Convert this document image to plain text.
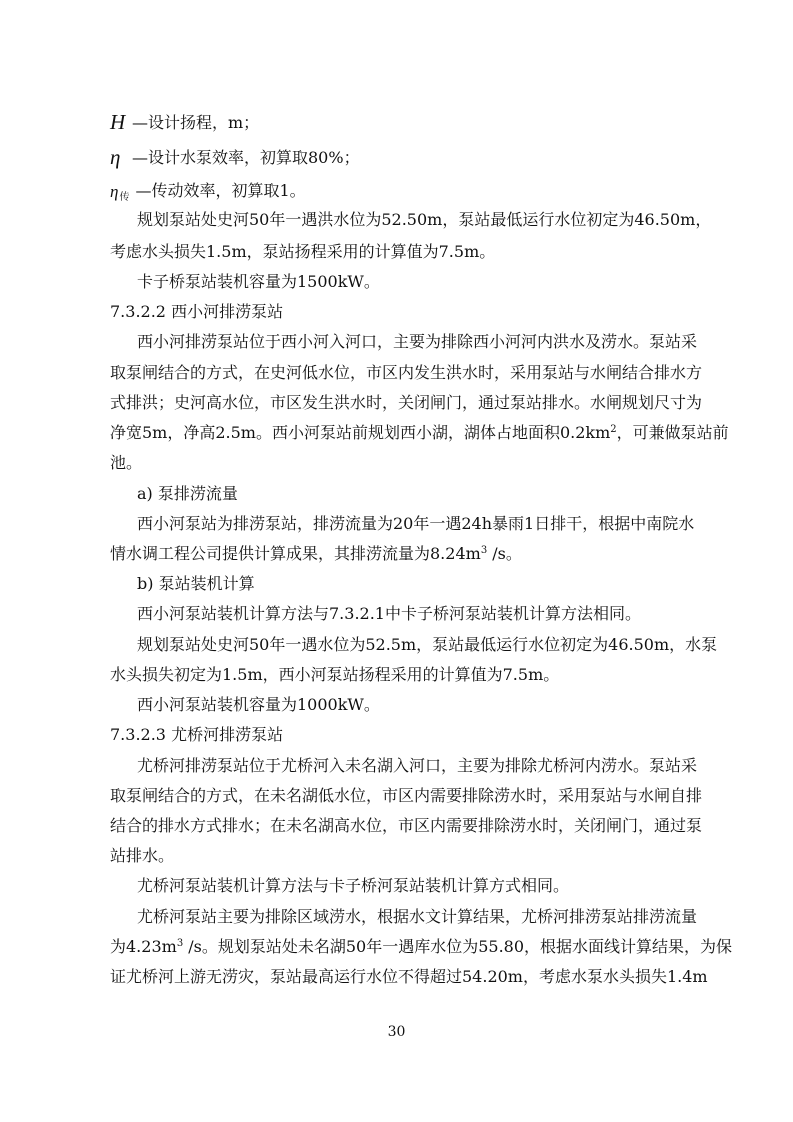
H —设计扬程，m；
η —设计水泵效率，初算取80%；
$\eta_传$ —传动效率，初算取1。
规划泵站处史河50年一遇洪水位为52.50m，泵站最低运行水位初定为46.50m，
考虑水头损失1.5m，泵站扬程采用的计算值为7.5m。
卡子桥泵站装机容量为1500kW。
7.3.2.2 西小河排涝泵站
西小河排涝泵站位于西小河入河口，主要为排除西小河河内洪水及涝水。泵站采
取泵闸结合的方式，在史河低水位，市区内发生洪水时，采用泵站与水闸结合排水方
式排洪；史河高水位，市区发生洪水时，关闭闸门，通过泵站排水。水闸规划尺寸为
净宽5m，净高2.5m。西小河泵站前规划西小湖，湖体占地面积$0.2km^2$，可兼做泵站前
池。
a) 泵排涝流量
西小河泵站为排涝泵站，排涝流量为20年一遇24h暴雨1日排干，根据中南院水
情水调工程公司提供计算成果，其排涝流量为$8.24m^3$ /s。
b) 泵站装机计算
西小河泵站装机计算方法与7.3.2.1中卡子桥河泵站装机计算方法相同。
规划泵站处史河50年一遇水位为52.5m，泵站最低运行水位初定为46.50m，水泵
水头损失初定为1.5m，西小河泵站扬程采用的计算值为7.5m。
西小河泵站装机容量为1000kW。
7.3.2.3 尤桥河排涝泵站
尤桥河排涝泵站位于尤桥河入未名湖入河口，主要为排除尤桥河内涝水。泵站采
取泵闸结合的方式，在未名湖低水位，市区内需要排除涝水时，采用泵站与水闸自排
结合的排水方式排水；在未名湖高水位，市区内需要排除涝水时，关闭闸门，通过泵
站排水。
尤桥河泵站装机计算方法与卡子桥河泵站装机计算方式相同。
尤桥河泵站主要为排除区域涝水，根据水文计算结果，尤桥河排涝泵站排涝流量
为$4.23m^3$ /s。规划泵站处未名湖50年一遇库水位为55.80，根据水面线计算结果，为保
证尤桥河上游无涝灾，泵站最高运行水位不得超过54.20m，考虑水泵水头损失1.4m
30
